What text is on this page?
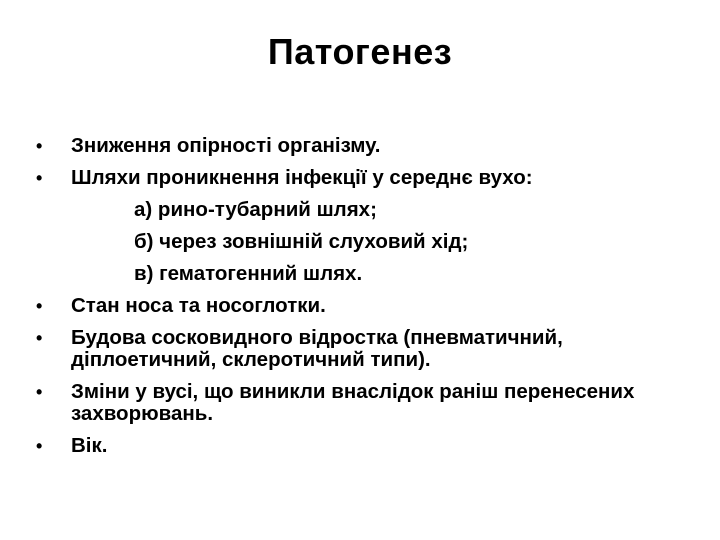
Патогенез
•	Зниження опірності організму.
•	Шляхи проникнення інфекції у середнє вухо:
а) рино-тубарний шлях;
б) через зовнішній слуховий хід;
в) гематогенний шлях.
•	Стан носа та носоглотки.
•	Будова сосковидного відростка (пневматичний, діплоетичний, склеротичний типи).
•	Зміни у вусі, що виникли внаслідок раніш перенесених захворювань.
•	Вік.
